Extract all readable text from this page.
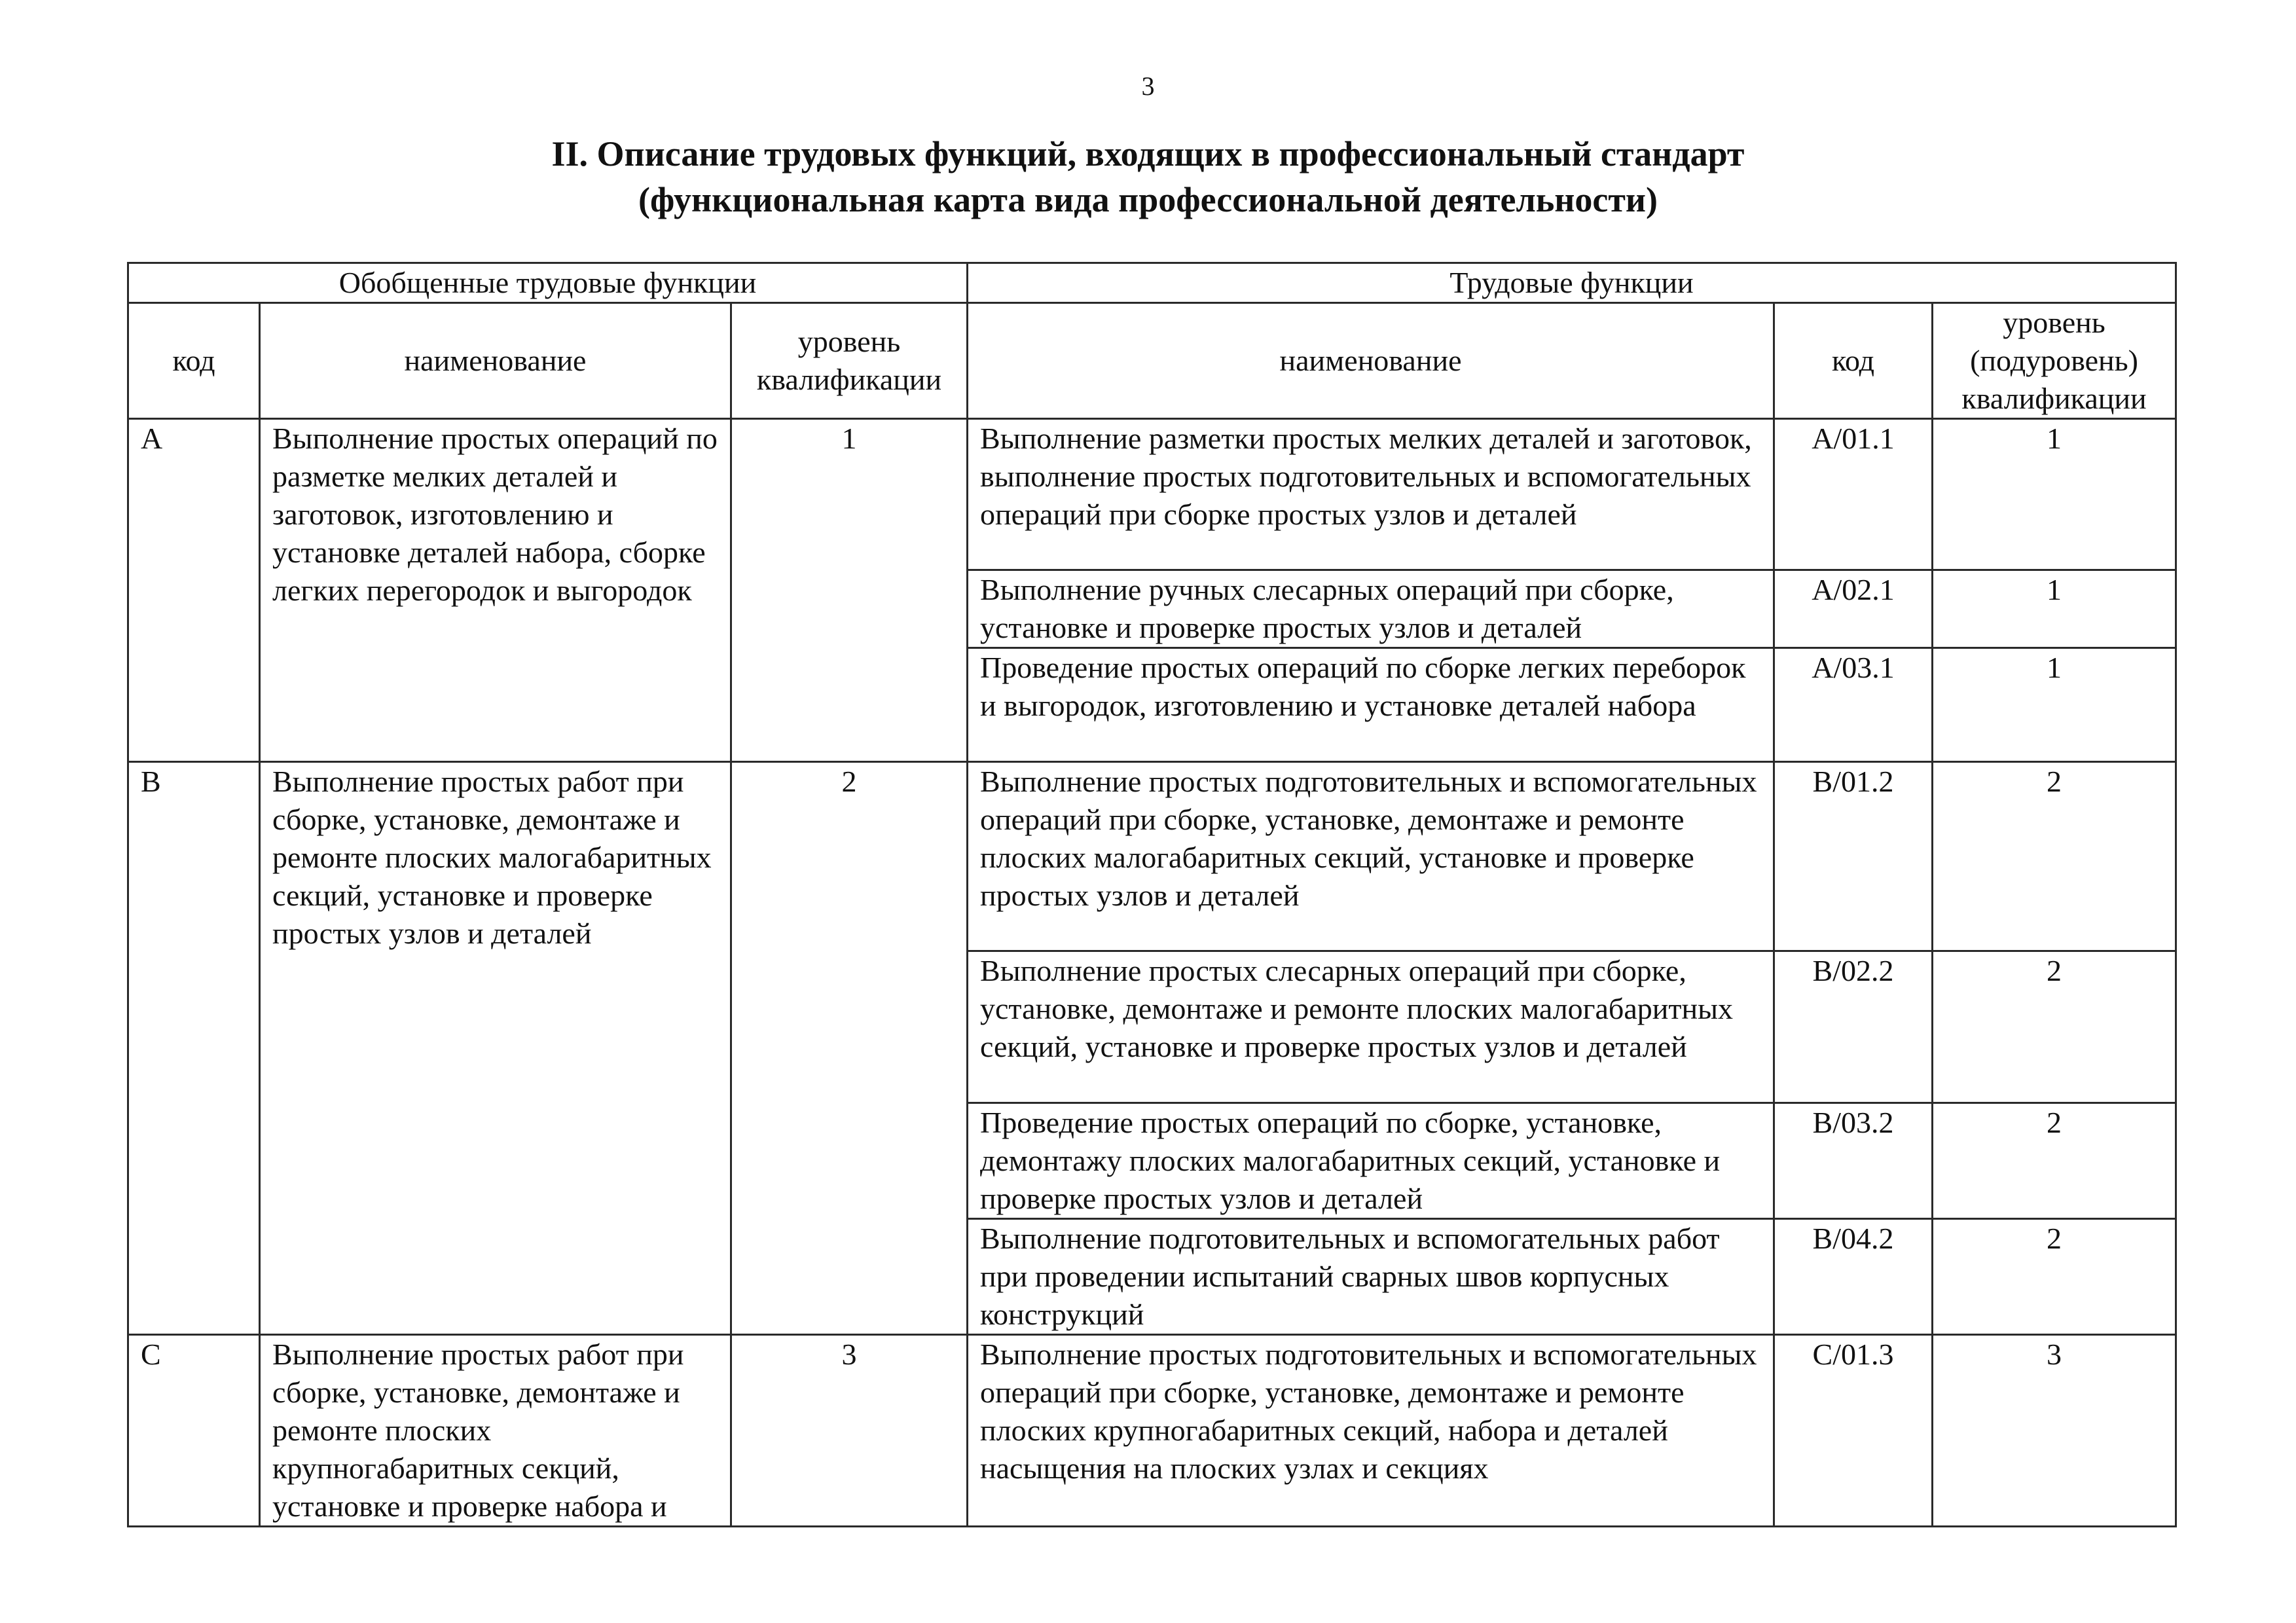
3
II. Описание трудовых функций, входящих в профессиональный стандарт
(функциональная карта вида профессиональной деятельности)
Обобщенные трудовые функции			Трудовые функции		
код	наименование	уровень квалификации	наименование	код	уровень (подуровень) квалификации
A	Выполнение простых операций по разметке мелких деталей и заготовок, изготовлению и установке деталей набора, сборке легких перегородок и выгородок	1	Выполнение разметки простых мелких деталей и заготовок, выполнение простых подготовительных и вспомогательных операций при сборке простых узлов и деталей	A/01.1	1
			Выполнение ручных слесарных операций при сборке, установке и проверке простых узлов и деталей	A/02.1	1
			Проведение простых операций по сборке легких переборок и выгородок, изготовлению и установке деталей набора	A/03.1	1
B	Выполнение простых работ при сборке, установке, демонтаже и ремонте плоских малогабаритных секций, установке и проверке простых узлов и деталей	2	Выполнение простых подготовительных и вспомогательных операций при сборке, установке, демонтаже и ремонте плоских малогабаритных секций, установке и проверке простых узлов и деталей	B/01.2	2
			Выполнение простых слесарных операций при сборке, установке, демонтаже и ремонте плоских малогабаритных секций, установке и проверке простых узлов и деталей	B/02.2	2
			Проведение простых операций по сборке, установке, демонтажу плоских малогабаритных секций, установке и проверке простых узлов и деталей	B/03.2	2
			Выполнение подготовительных и вспомогательных работ при проведении испытаний сварных швов корпусных конструкций	B/04.2	2
C	Выполнение простых работ при сборке, установке, демонтаже и ремонте плоских крупногабаритных секций, установке и проверке набора и	3	Выполнение простых подготовительных и вспомогательных операций при сборке, установке, демонтаже и ремонте плоских крупногабаритных секций, набора и деталей насыщения на плоских узлах и секциях	C/01.3	3
